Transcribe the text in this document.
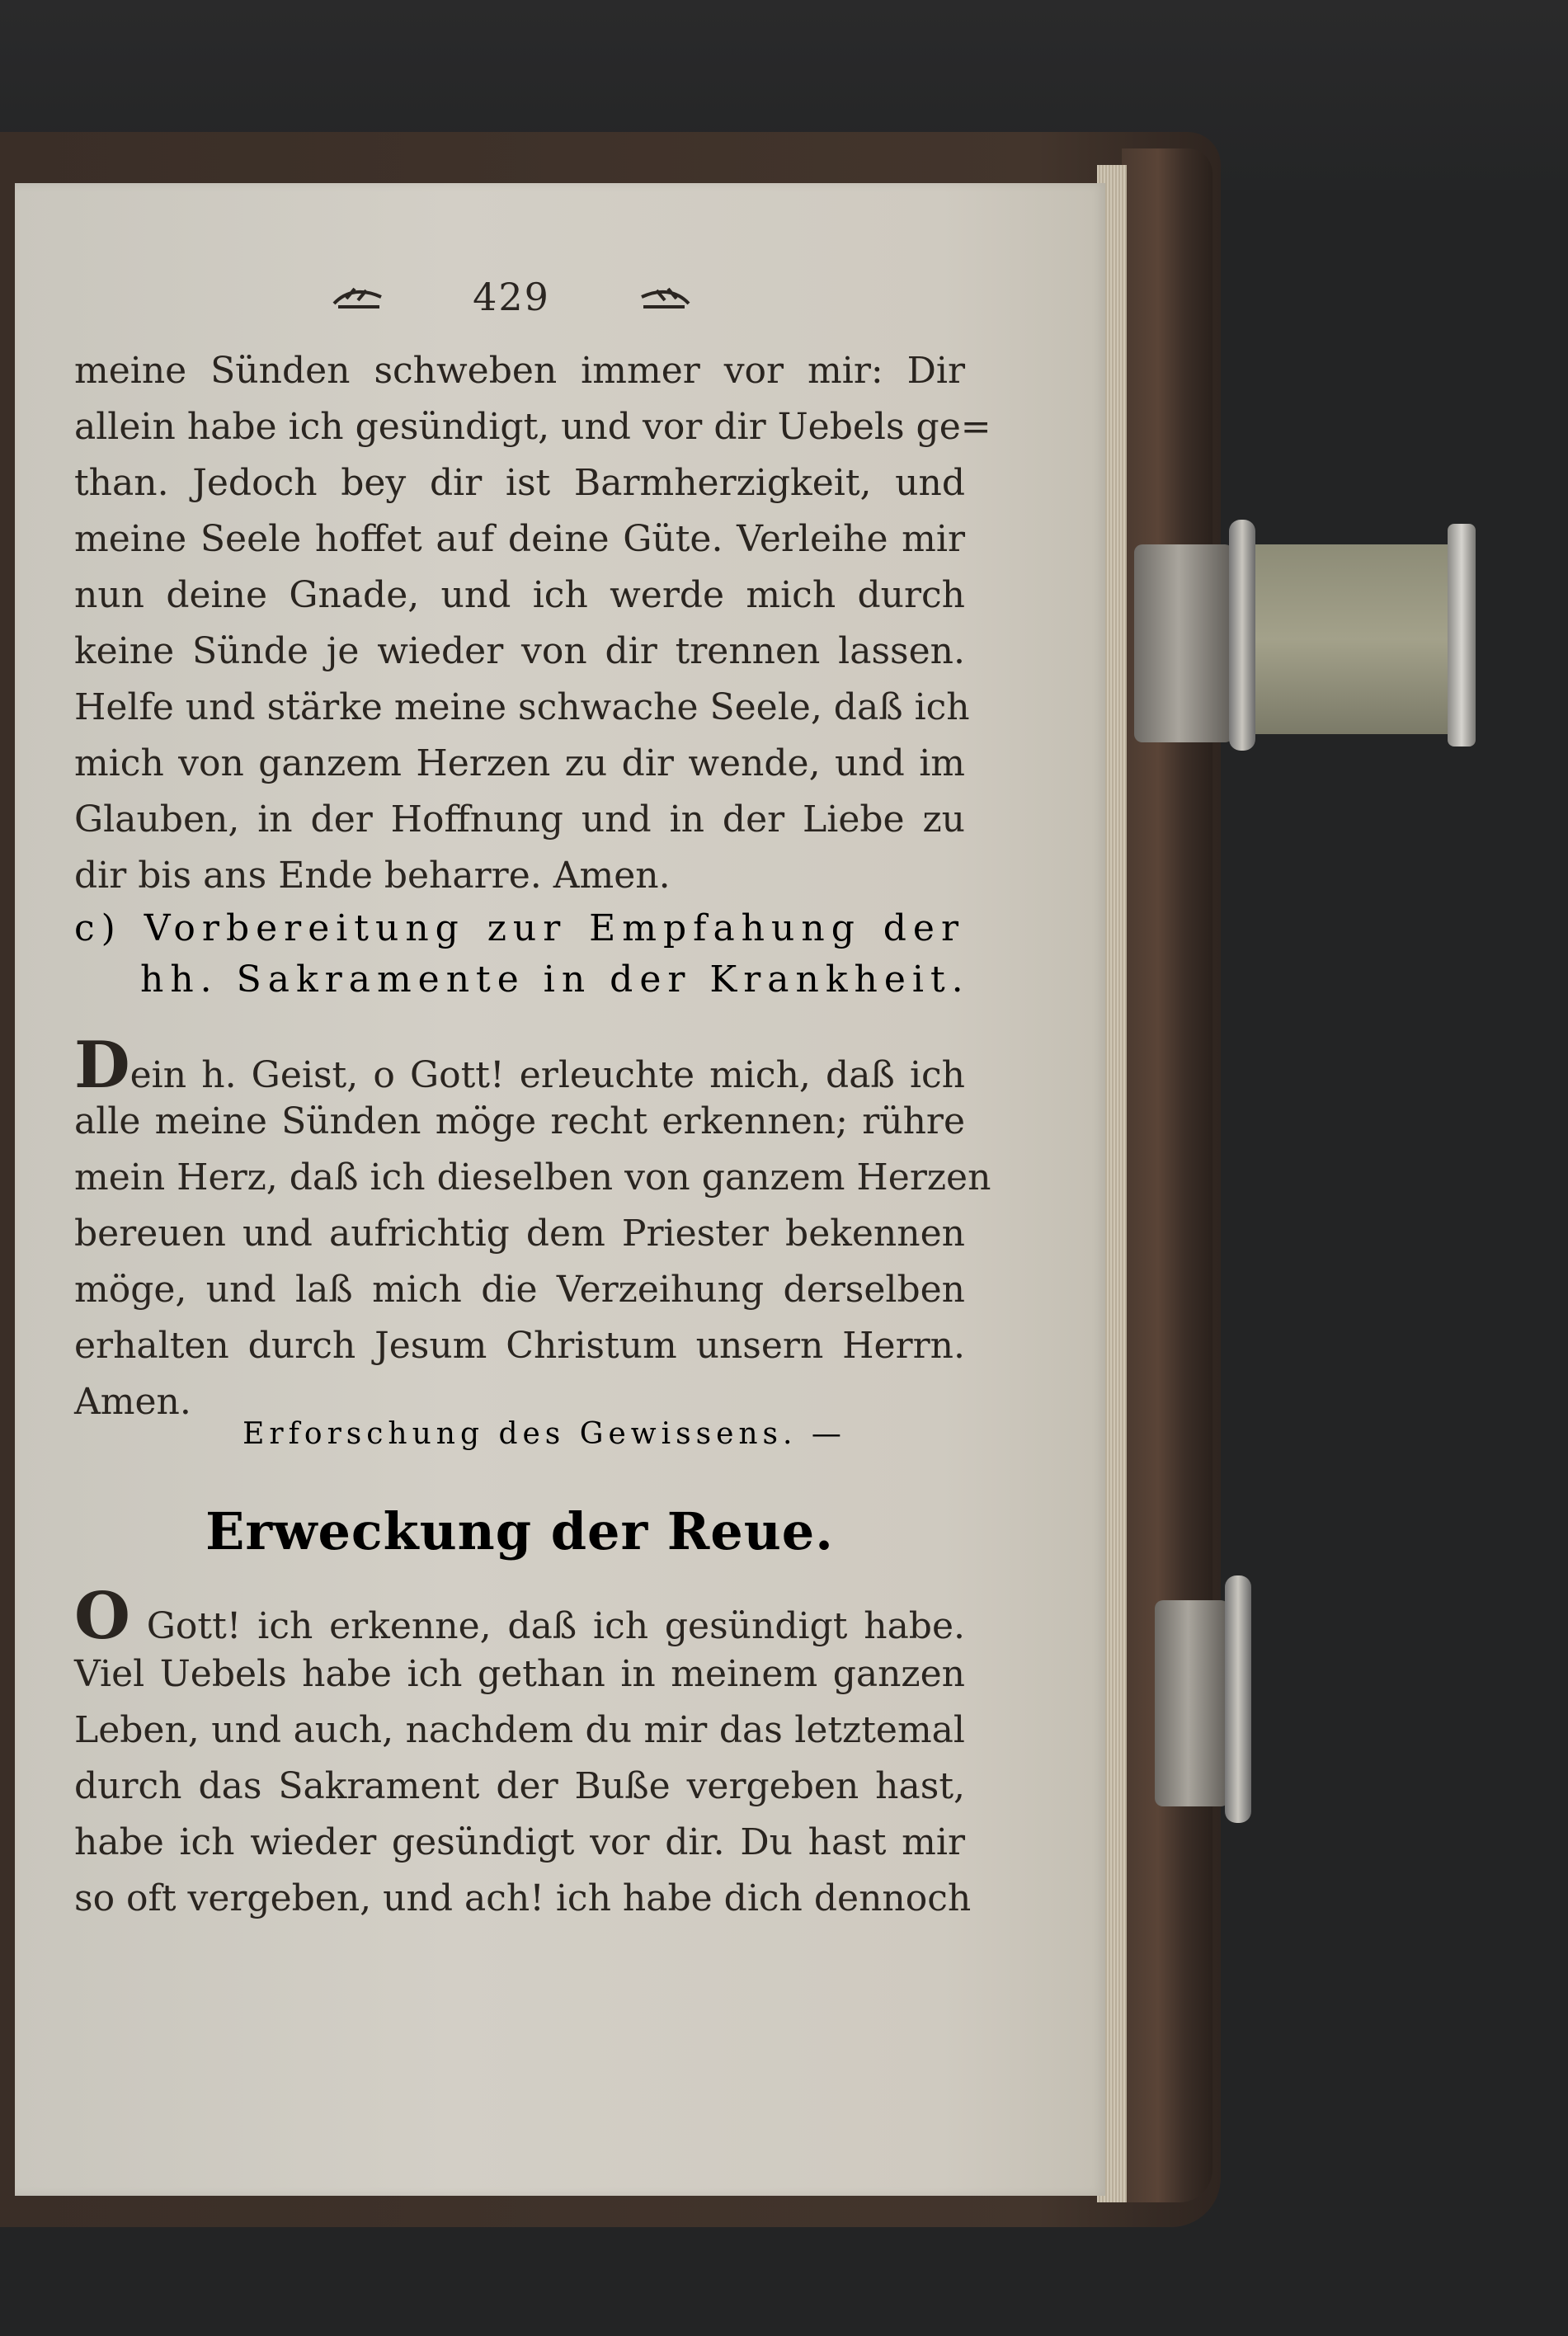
429
meine Sünden schweben immer vor mir: Dir
allein habe ich gesündigt, und vor dir Uebels ge=
than. Jedoch bey dir ist Barmherzigkeit, und
meine Seele hoffet auf deine Güte. Verleihe mir
nun deine Gnade, und ich werde mich durch
keine Sünde je wieder von dir trennen lassen.
Helfe und stärke meine schwache Seele, daß ich
mich von ganzem Herzen zu dir wende, und im
Glauben, in der Hoffnung und in der Liebe zu
dir bis ans Ende beharre. Amen.
c) Vorbereitung zur Empfahung der
hh. Sakramente in der Krankheit.
Dein h. Geist, o Gott! erleuchte mich, daß ich
alle meine Sünden möge recht erkennen; rühre
mein Herz, daß ich dieselben von ganzem Herzen
bereuen und aufrichtig dem Priester bekennen
möge, und laß mich die Verzeihung derselben
erhalten durch Jesum Christum unsern Herrn.
Amen.
Erforschung des Gewissens. —
Erweckung der Reue.
O Gott! ich erkenne, daß ich gesündigt habe.
Viel Uebels habe ich gethan in meinem ganzen
Leben, und auch, nachdem du mir das letztemal
durch das Sakrament der Buße vergeben hast,
habe ich wieder gesündigt vor dir. Du hast mir
so oft vergeben, und ach! ich habe dich dennoch
